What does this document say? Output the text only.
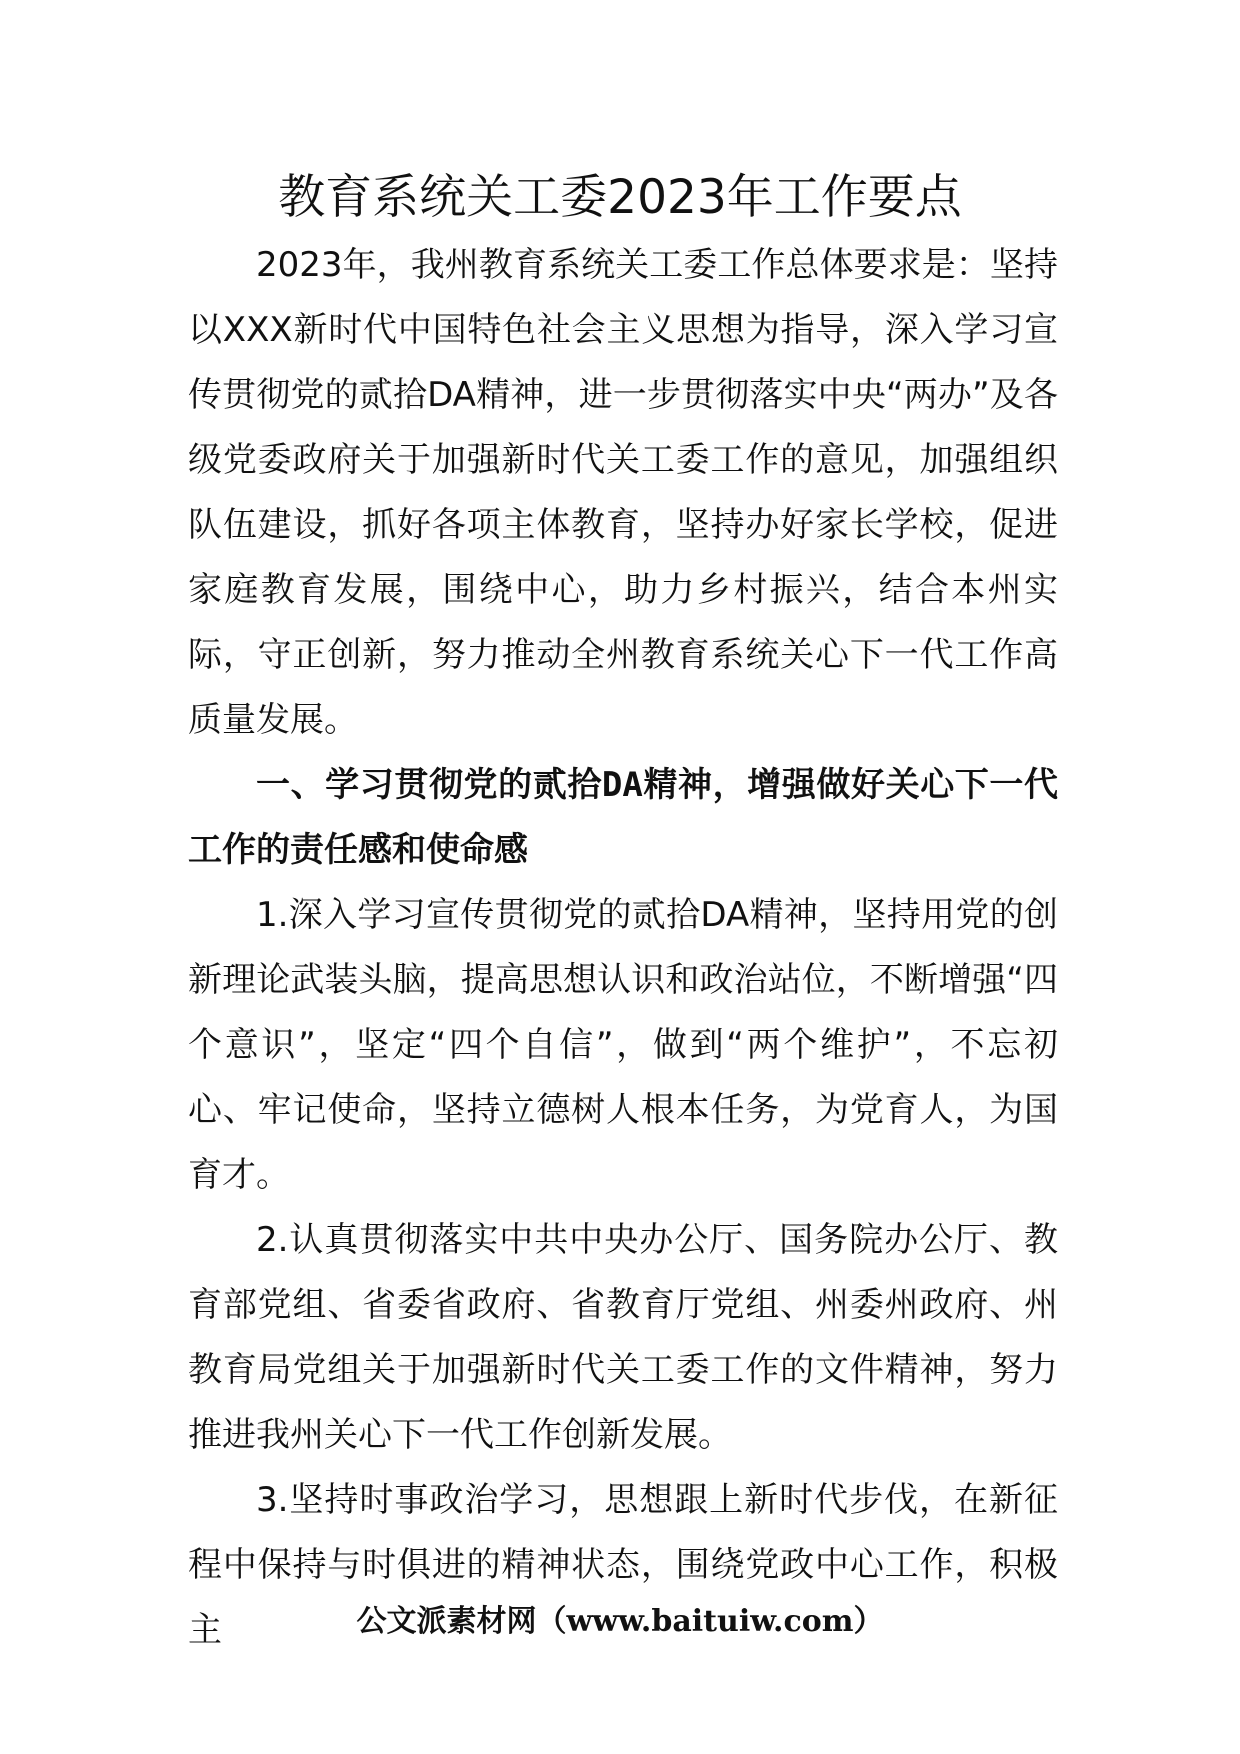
教育系统关工委2023年工作要点

2023年，我州教育系统关工委工作总体要求是：坚持以XXX新时代中国特色社会主义思想为指导，深入学习宣传贯彻党的贰拾DA精神，进一步贯彻落实中央“两办”及各级党委政府关于加强新时代关工委工作的意见，加强组织队伍建设，抓好各项主体教育，坚持办好家长学校，促进家庭教育发展，围绕中心，助力乡村振兴，结合本州实际，守正创新，努力推动全州教育系统关心下一代工作高质量发展。

一、学习贯彻党的贰拾DA精神，增强做好关心下一代工作的责任感和使命感

1.深入学习宣传贯彻党的贰拾DA精神，坚持用党的创新理论武装头脑，提高思想认识和政治站位，不断增强“四个意识”，坚定“四个自信”，做到“两个维护”，不忘初心、牢记使命，坚持立德树人根本任务，为党育人，为国育才。

2.认真贯彻落实中共中央办公厅、国务院办公厅、教育部党组、省委省政府、省教育厅党组、州委州政府、州教育局党组关于加强新时代关工委工作的文件精神，努力推进我州关心下一代工作创新发展。

3.坚持时事政治学习，思想跟上新时代步伐，在新征程中保持与时俱进的精神状态，围绕党政中心工作，积极主	公文派素材网（www.baituiw.com）
